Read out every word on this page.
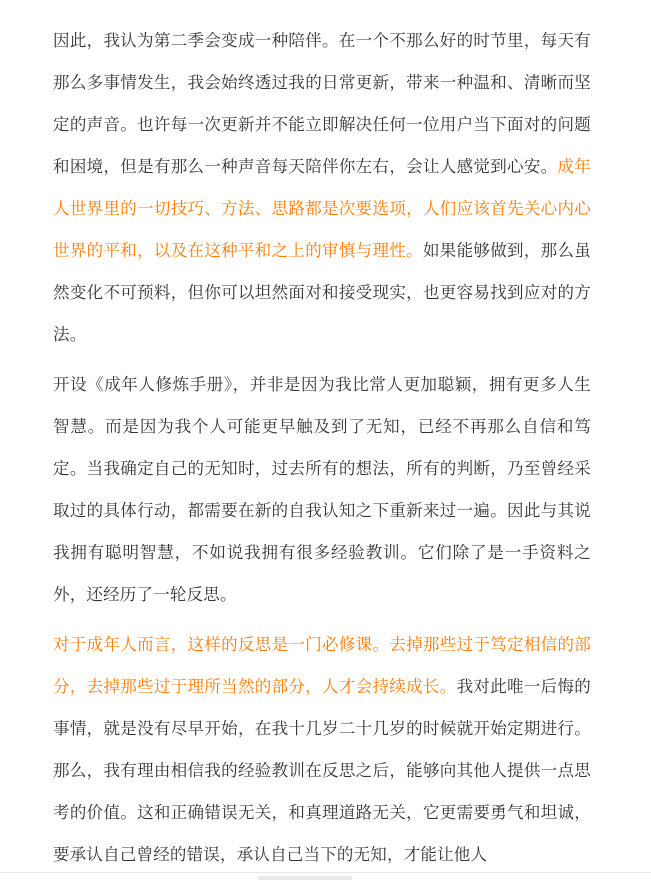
因此，我认为第二季会变成一种陪伴。在一个不那么好的时节里，每天有那么多事情发生，我会始终透过我的日常更新，带来一种温和、清晰而坚定的声音。也许每一次更新并不能立即解决任何一位用户当下面对的问题和困境，但是有那么一种声音每天陪伴你左右，会让人感觉到心安。成年人世界里的一切技巧、方法、思路都是次要选项，人们应该首先关心内心世界的平和，以及在这种平和之上的审慎与理性。如果能够做到，那么虽然变化不可预料，但你可以坦然面对和接受现实，也更容易找到应对的方法。

开设《成年人修炼手册》，并非是因为我比常人更加聪颖，拥有更多人生智慧。而是因为我个人可能更早触及到了无知，已经不再那么自信和笃定。当我确定自己的无知时，过去所有的想法，所有的判断，乃至曾经采取过的具体行动，都需要在新的自我认知之下重新来过一遍。因此与其说我拥有聪明智慧，不如说我拥有很多经验教训。它们除了是一手资料之外，还经历了一轮反思。

对于成年人而言，这样的反思是一门必修课。去掉那些过于笃定相信的部分，去掉那些过于理所当然的部分，人才会持续成长。我对此唯一后悔的事情，就是没有尽早开始，在我十几岁二十几岁的时候就开始定期进行。那么，我有理由相信我的经验教训在反思之后，能够向其他人提供一点思考的价值。这和正确错误无关，和真理道路无关，它更需要勇气和坦诚，要承认自己曾经的错误，承认自己当下的无知，才能让他人
